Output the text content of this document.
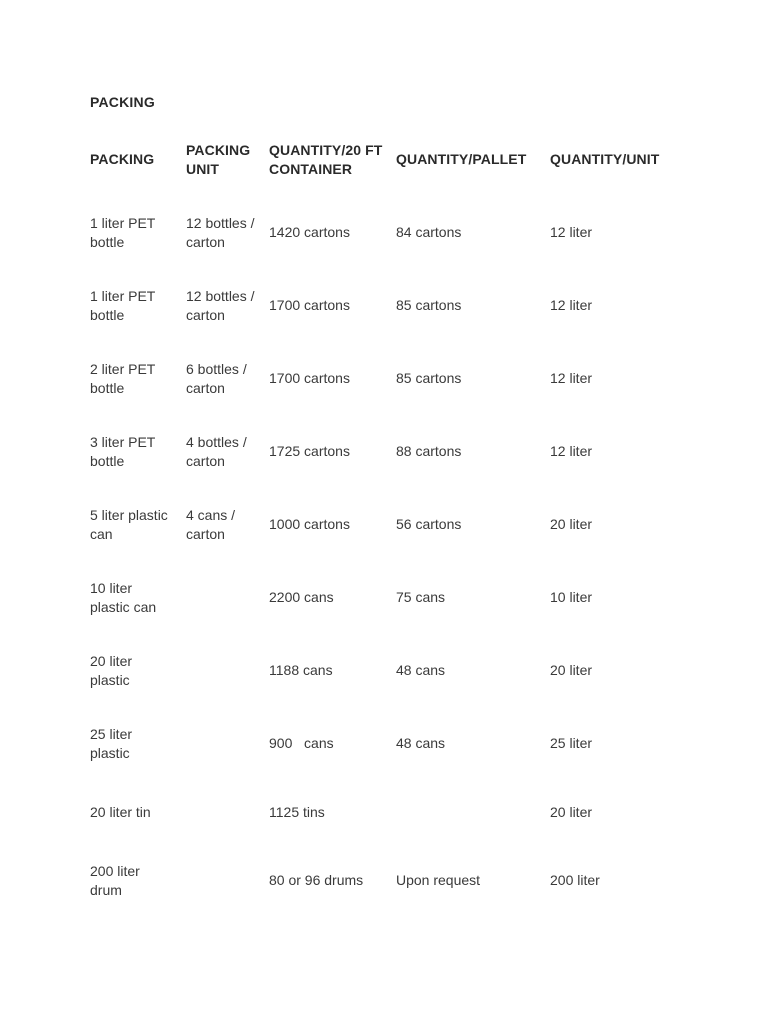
PACKING
PACKING	PACKING UNIT	QUANTITY/20 FT CONTAINER	QUANTITY/PALLET	QUANTITY/UNIT
1 liter PET bottle	12 bottles / carton	1420 cartons	84 cartons	12 liter
1 liter PET bottle	12 bottles / carton	1700 cartons	85 cartons	12 liter
2 liter PET bottle	6 bottles / carton	1700 cartons	85 cartons	12 liter
3 liter PET bottle	4 bottles / carton	1725 cartons	88 cartons	12 liter
5 liter plastic can	4 cans / carton	1000 cartons	56 cartons	20 liter
10 liter plastic can		2200 cans	75 cans	10 liter
20 liter plastic		1188 cans	48 cans	20 liter
25 liter plastic		900   cans	48 cans	25 liter
20 liter tin		1125 tins		20 liter
200 liter drum		80 or 96 drums	Upon request	200 liter
